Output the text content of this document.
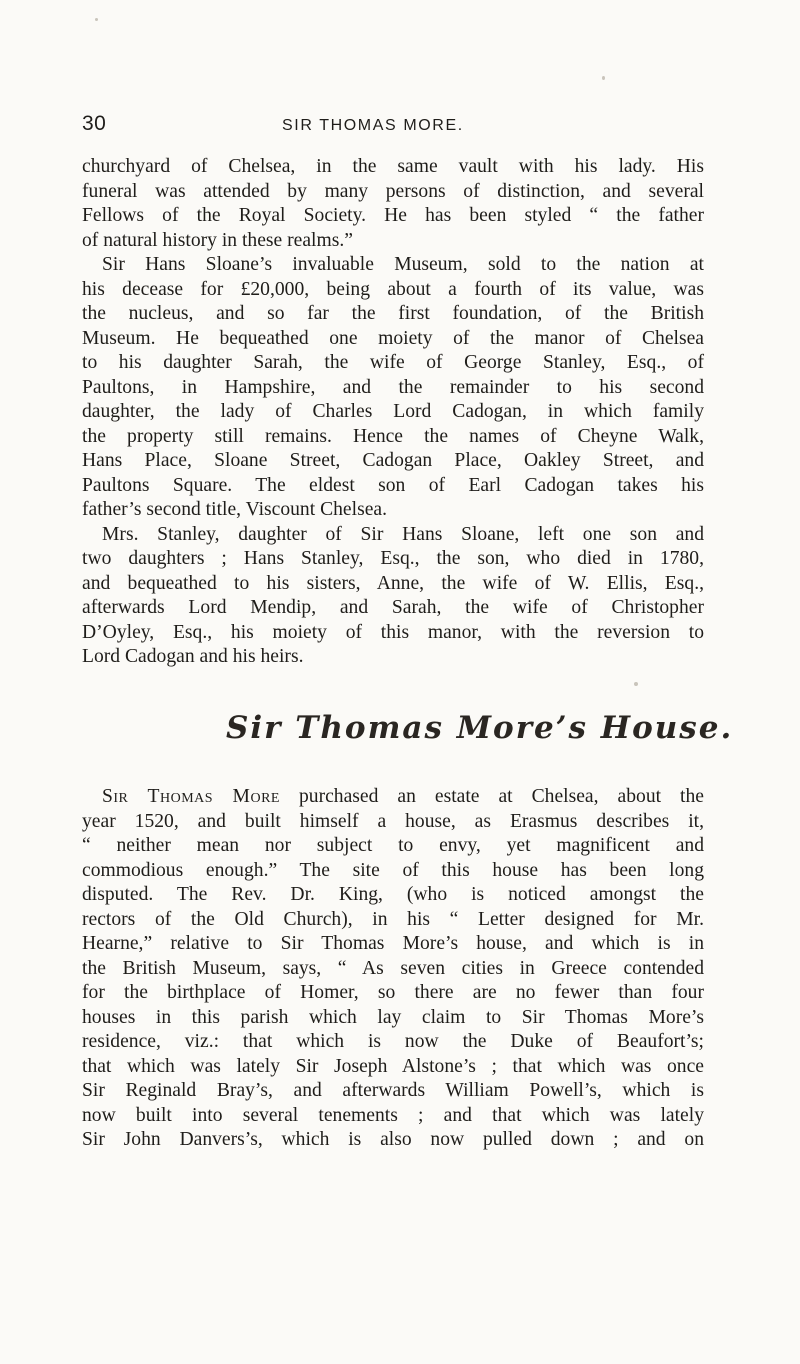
30	SIR THOMAS MORE.
churchyard of Chelsea, in the same vault with his lady. His
funeral was attended by many persons of distinction, and several
Fellows of the Royal Society. He has been styled “ the father
of natural history in these realms.”
Sir Hans Sloane’s invaluable Museum, sold to the nation at
his decease for £20,000, being about a fourth of its value, was
the nucleus, and so far the first foundation, of the British
Museum. He bequeathed one moiety of the manor of Chelsea
to his daughter Sarah, the wife of George Stanley, Esq., of
Paultons, in Hampshire, and the remainder to his second
daughter, the lady of Charles Lord Cadogan, in which family
the property still remains. Hence the names of Cheyne Walk,
Hans Place, Sloane Street, Cadogan Place, Oakley Street, and
Paultons Square. The eldest son of Earl Cadogan takes his
father’s second title, Viscount Chelsea.
Mrs. Stanley, daughter of Sir Hans Sloane, left one son and
two daughters ; Hans Stanley, Esq., the son, who died in 1780,
and bequeathed to his sisters, Anne, the wife of W. Ellis, Esq.,
afterwards Lord Mendip, and Sarah, the wife of Christopher
D’Oyley, Esq., his moiety of this manor, with the reversion to
Lord Cadogan and his heirs.
Sir Thomas More’s House.
Sir Thomas More purchased an estate at Chelsea, about the
year 1520, and built himself a house, as Erasmus describes it,
“ neither mean nor subject to envy, yet magnificent and
commodious enough.” The site of this house has been long
disputed. The Rev. Dr. King, (who is noticed amongst the
rectors of the Old Church), in his “ Letter designed for Mr.
Hearne,” relative to Sir Thomas More’s house, and which is in
the British Museum, says, “ As seven cities in Greece contended
for the birthplace of Homer, so there are no fewer than four
houses in this parish which lay claim to Sir Thomas More’s
residence, viz.: that which is now the Duke of Beaufort’s;
that which was lately Sir Joseph Alstone’s ; that which was once
Sir Reginald Bray’s, and afterwards William Powell’s, which is
now built into several tenements ; and that which was lately
Sir John Danvers’s, which is also now pulled down ; and on
